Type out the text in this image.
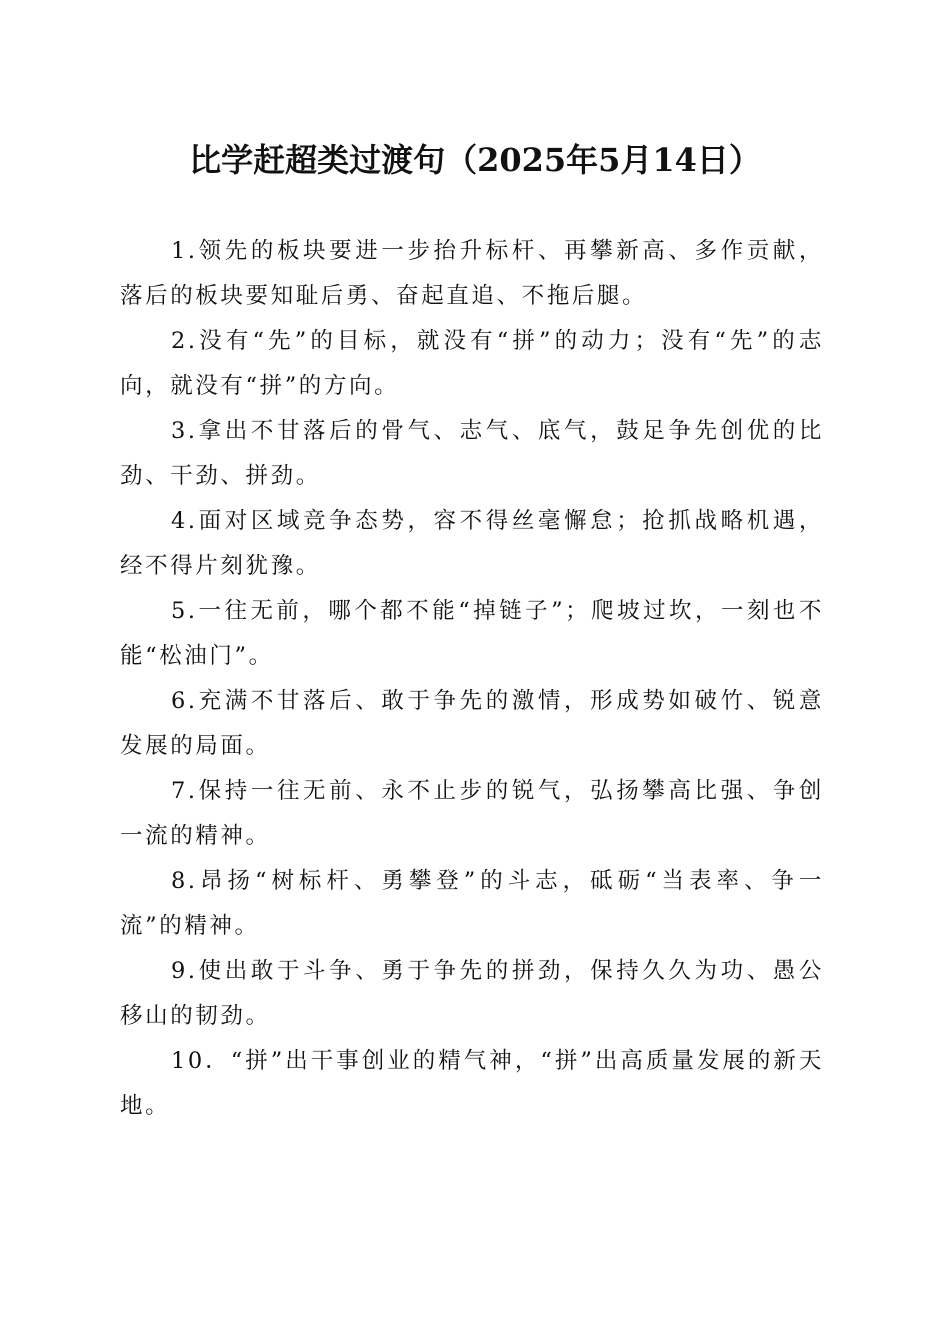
比学赶超类过渡句（2025年5月14日）

1.领先的板块要进一步抬升标杆、再攀新高、多作贡献，落后的板块要知耻后勇、奋起直追、不拖后腿。

2.没有“先”的目标，就没有“拼”的动力；没有“先”的志向，就没有“拼”的方向。

3.拿出不甘落后的骨气、志气、底气，鼓足争先创优的比劲、干劲、拼劲。

4.面对区域竞争态势，容不得丝毫懈怠；抢抓战略机遇，经不得片刻犹豫。

5.一往无前，哪个都不能“掉链子”；爬坡过坎，一刻也不能“松油门”。

6.充满不甘落后、敢于争先的激情，形成势如破竹、锐意发展的局面。

7.保持一往无前、永不止步的锐气，弘扬攀高比强、争创一流的精神。

8.昂扬“树标杆、勇攀登”的斗志，砥砺“当表率、争一流”的精神。

9.使出敢于斗争、勇于争先的拼劲，保持久久为功、愚公移山的韧劲。

10．“拼”出干事创业的精气神，“拼”出高质量发展的新天地。
